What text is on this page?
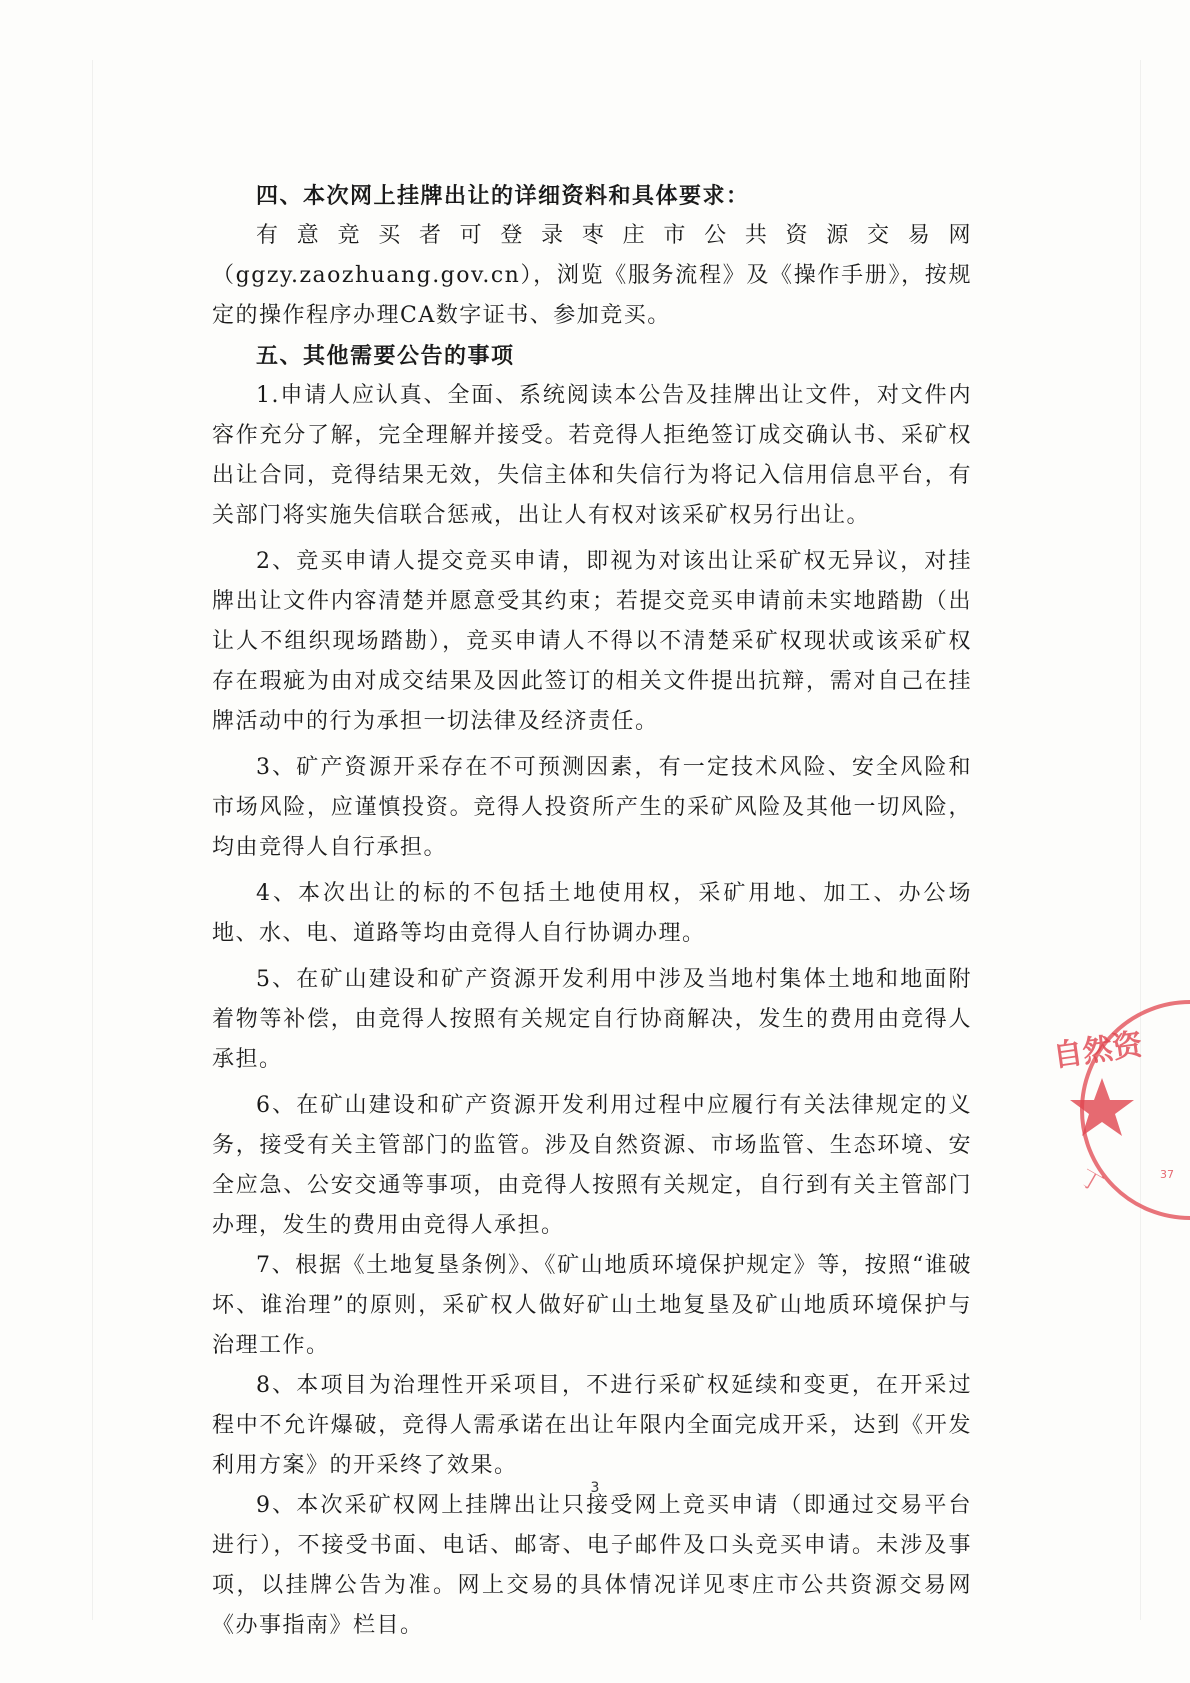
四、本次网上挂牌出让的详细资料和具体要求：

有意竞买者可登录枣庄市公共资源交易网（ggzy.zaozhuang.gov.cn），浏览《服务流程》及《操作手册》，按规定的操作程序办理CA数字证书、参加竞买。

五、其他需要公告的事项

1.申请人应认真、全面、系统阅读本公告及挂牌出让文件，对文件内容作充分了解，完全理解并接受。若竞得人拒绝签订成交确认书、采矿权出让合同，竞得结果无效，失信主体和失信行为将记入信用信息平台，有关部门将实施失信联合惩戒，出让人有权对该采矿权另行出让。

2、竞买申请人提交竞买申请，即视为对该出让采矿权无异议，对挂牌出让文件内容清楚并愿意受其约束；若提交竞买申请前未实地踏勘（出让人不组织现场踏勘），竞买申请人不得以不清楚采矿权现状或该采矿权存在瑕疵为由对成交结果及因此签订的相关文件提出抗辩，需对自己在挂牌活动中的行为承担一切法律及经济责任。

3、矿产资源开采存在不可预测因素，有一定技术风险、安全风险和市场风险，应谨慎投资。竞得人投资所产生的采矿风险及其他一切风险，均由竞得人自行承担。

4、本次出让的标的不包括土地使用权，采矿用地、加工、办公场地、水、电、道路等均由竞得人自行协调办理。

5、在矿山建设和矿产资源开发利用中涉及当地村集体土地和地面附着物等补偿，由竞得人按照有关规定自行协商解决，发生的费用由竞得人承担。

6、在矿山建设和矿产资源开发利用过程中应履行有关法律规定的义务，接受有关主管部门的监管。涉及自然资源、市场监管、生态环境、安全应急、公安交通等事项，由竞得人按照有关规定，自行到有关主管部门办理，发生的费用由竞得人承担。

7、根据《土地复垦条例》、《矿山地质环境保护规定》等，按照“谁破坏、谁治理”的原则，采矿权人做好矿山土地复垦及矿山地质环境保护与治理工作。

8、本项目为治理性开采项目，不进行采矿权延续和变更，在开采过程中不允许爆破，竞得人需承诺在出让年限内全面完成开采，达到《开发利用方案》的开采终了效果。

9、本次采矿权网上挂牌出让只接受网上竞买申请（即通过交易平台进行），不接受书面、电话、邮寄、电子邮件及口头竞买申请。未涉及事项，以挂牌公告为准。网上交易的具体情况详见枣庄市公共资源交易网《办事指南》栏目。

3
自然资
丁	37
